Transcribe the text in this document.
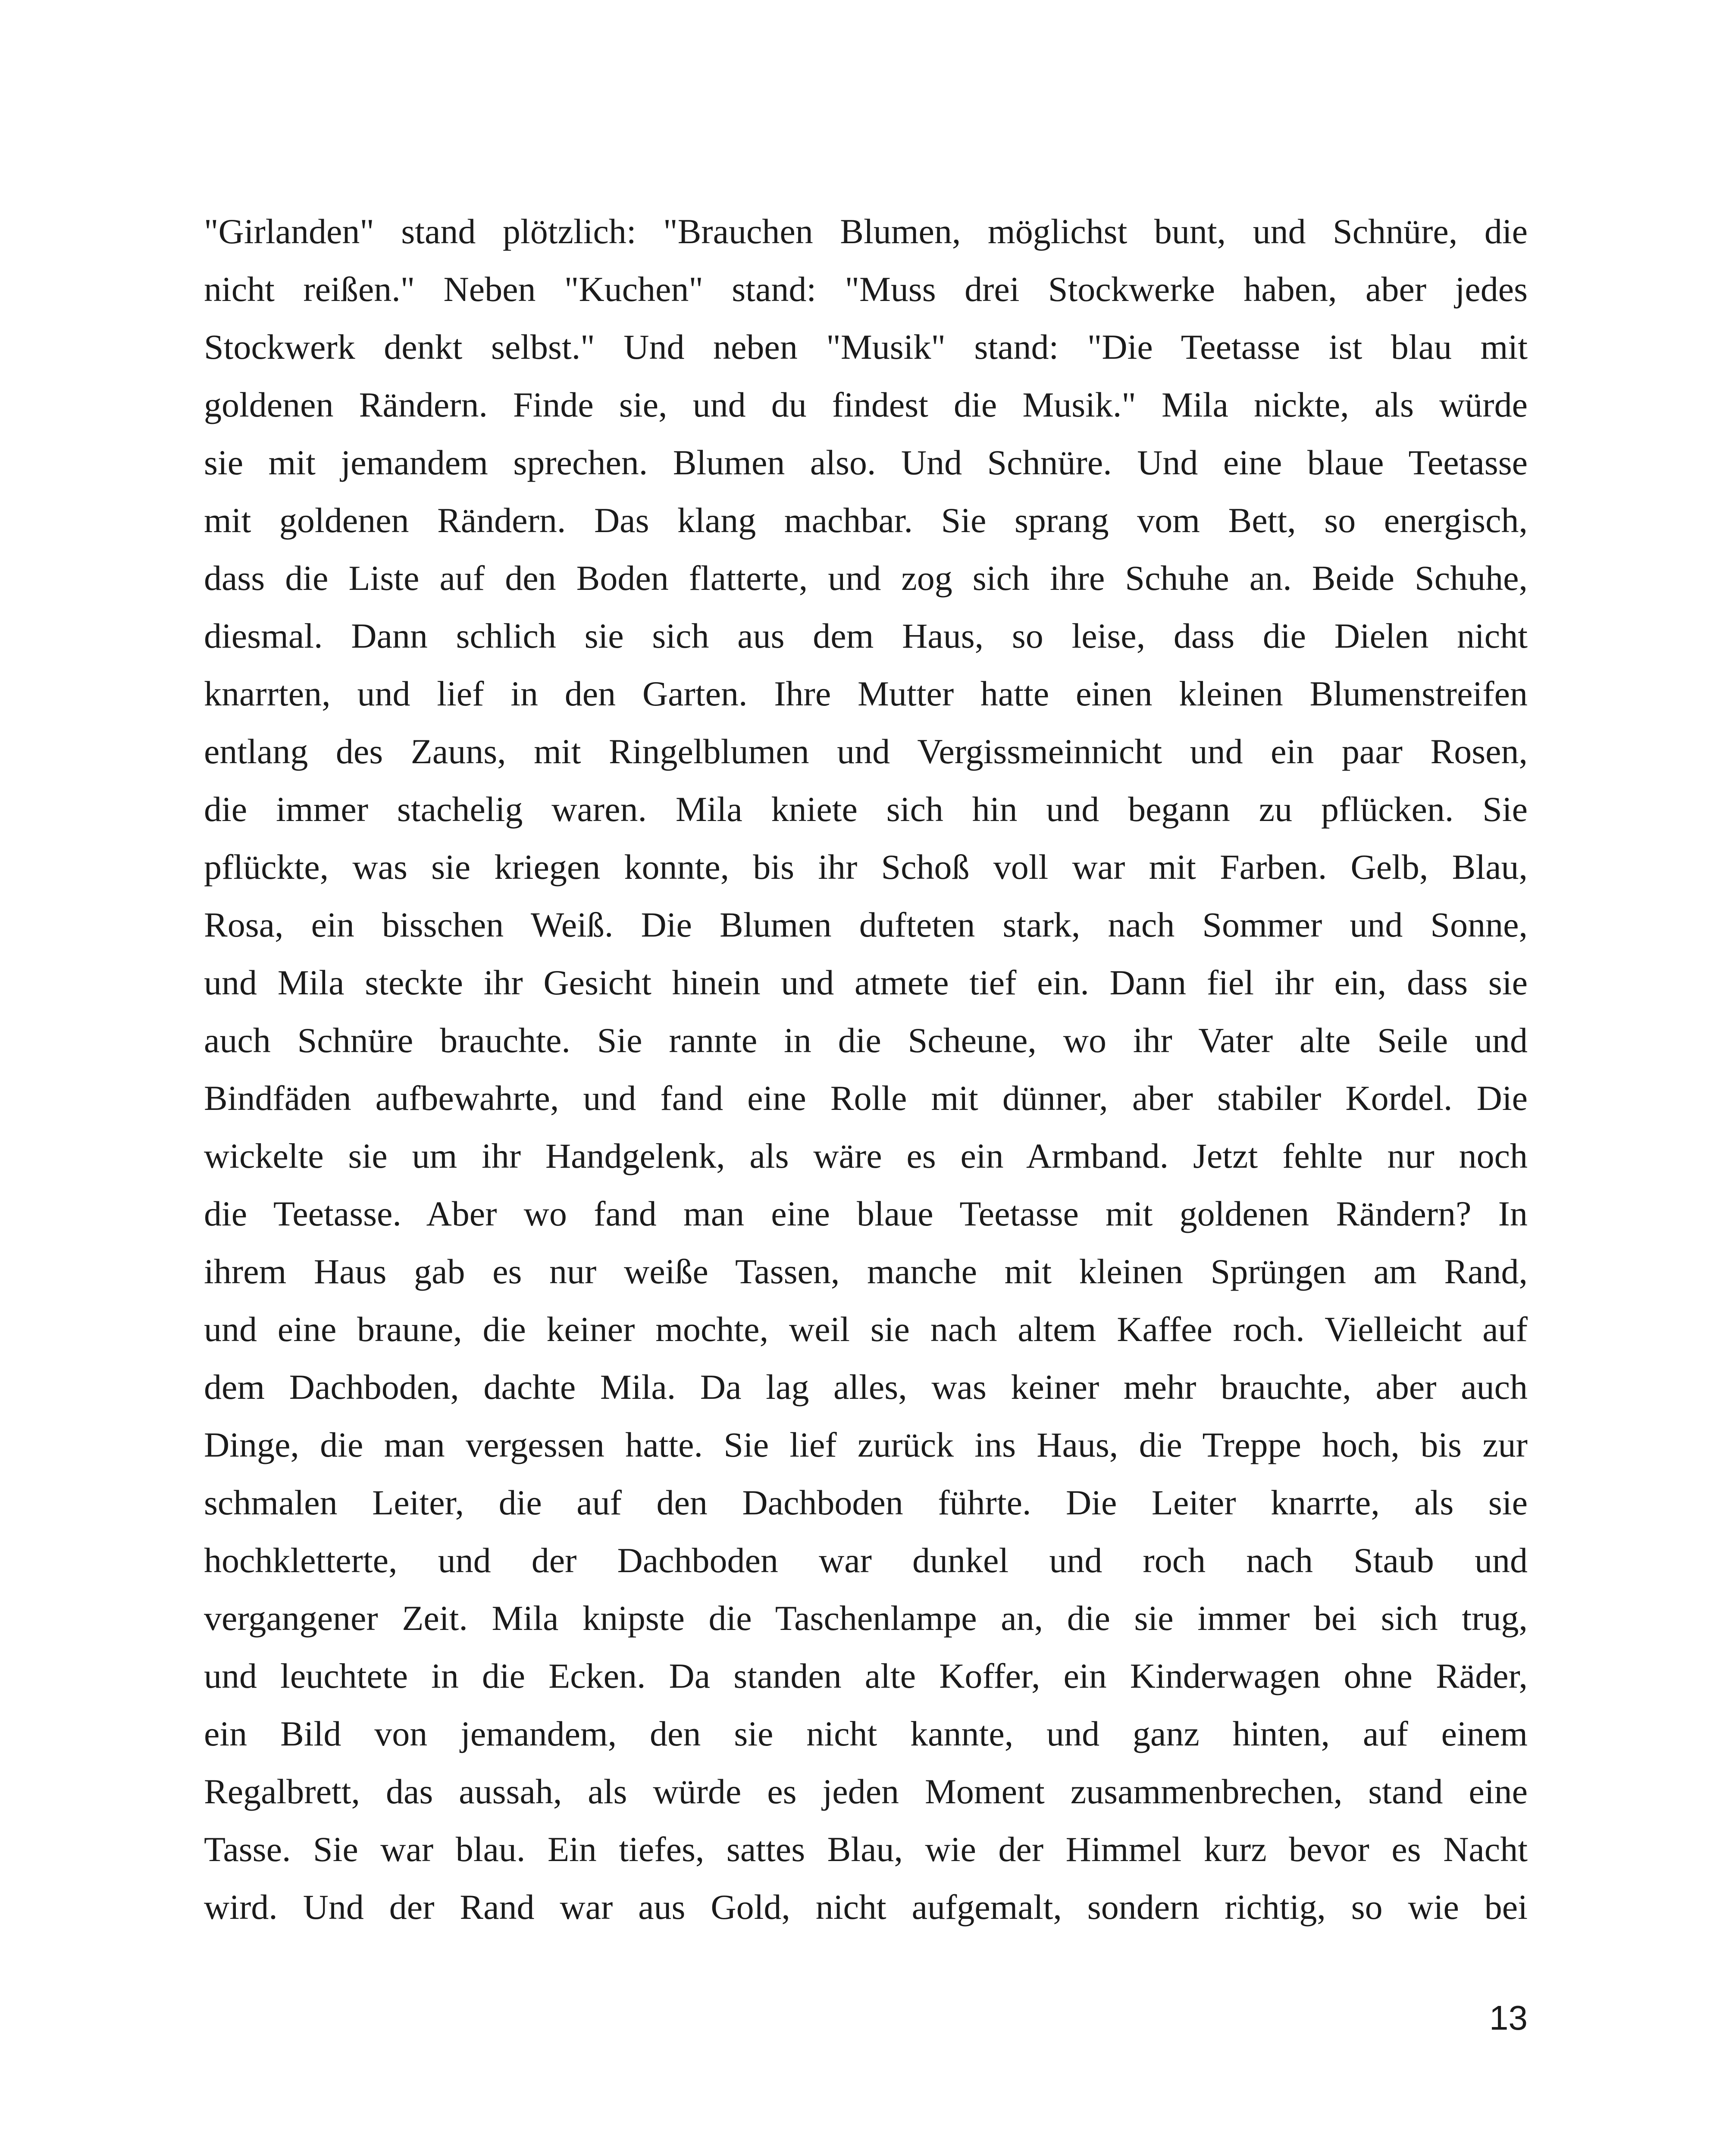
"Girlanden" stand plötzlich: "Brauchen Blumen, möglichst bunt, und Schnüre, die
nicht reißen." Neben "Kuchen" stand: "Muss drei Stockwerke haben, aber jedes
Stockwerk denkt selbst." Und neben "Musik" stand: "Die Teetasse ist blau mit
goldenen Rändern. Finde sie, und du findest die Musik." Mila nickte, als würde
sie mit jemandem sprechen. Blumen also. Und Schnüre. Und eine blaue Teetasse
mit goldenen Rändern. Das klang machbar. Sie sprang vom Bett, so energisch,
dass die Liste auf den Boden flatterte, und zog sich ihre Schuhe an. Beide Schuhe,
diesmal. Dann schlich sie sich aus dem Haus, so leise, dass die Dielen nicht
knarrten, und lief in den Garten. Ihre Mutter hatte einen kleinen Blumenstreifen
entlang des Zauns, mit Ringelblumen und Vergissmeinnicht und ein paar Rosen,
die immer stachelig waren. Mila kniete sich hin und begann zu pflücken. Sie
pflückte, was sie kriegen konnte, bis ihr Schoß voll war mit Farben. Gelb, Blau,
Rosa, ein bisschen Weiß. Die Blumen dufteten stark, nach Sommer und Sonne,
und Mila steckte ihr Gesicht hinein und atmete tief ein. Dann fiel ihr ein, dass sie
auch Schnüre brauchte. Sie rannte in die Scheune, wo ihr Vater alte Seile und
Bindfäden aufbewahrte, und fand eine Rolle mit dünner, aber stabiler Kordel. Die
wickelte sie um ihr Handgelenk, als wäre es ein Armband. Jetzt fehlte nur noch
die Teetasse. Aber wo fand man eine blaue Teetasse mit goldenen Rändern? In
ihrem Haus gab es nur weiße Tassen, manche mit kleinen Sprüngen am Rand,
und eine braune, die keiner mochte, weil sie nach altem Kaffee roch. Vielleicht auf
dem Dachboden, dachte Mila. Da lag alles, was keiner mehr brauchte, aber auch
Dinge, die man vergessen hatte. Sie lief zurück ins Haus, die Treppe hoch, bis zur
schmalen Leiter, die auf den Dachboden führte. Die Leiter knarrte, als sie
hochkletterte, und der Dachboden war dunkel und roch nach Staub und
vergangener Zeit. Mila knipste die Taschenlampe an, die sie immer bei sich trug,
und leuchtete in die Ecken. Da standen alte Koffer, ein Kinderwagen ohne Räder,
ein Bild von jemandem, den sie nicht kannte, und ganz hinten, auf einem
Regalbrett, das aussah, als würde es jeden Moment zusammenbrechen, stand eine
Tasse. Sie war blau. Ein tiefes, sattes Blau, wie der Himmel kurz bevor es Nacht
wird. Und der Rand war aus Gold, nicht aufgemalt, sondern richtig, so wie bei
13
